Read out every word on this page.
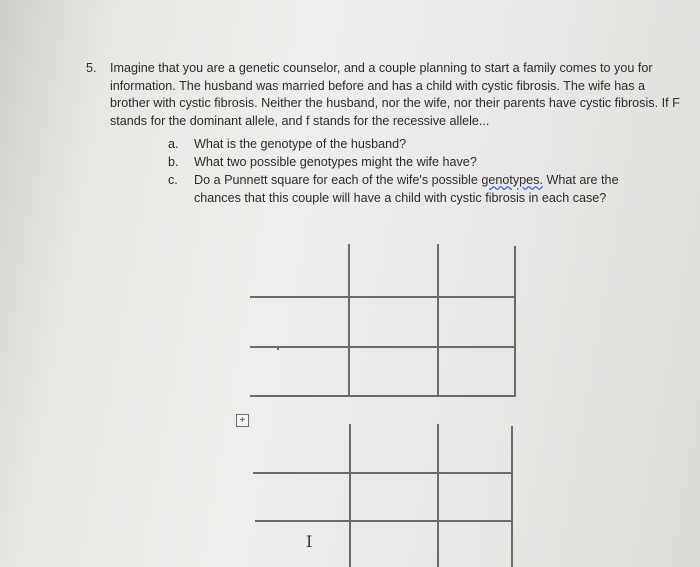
5. Imagine that you are a genetic counselor, and a couple planning to start a family comes to you for information. The husband was married before and has a child with cystic fibrosis. The wife has a brother with cystic fibrosis. Neither the husband, nor the wife, nor their parents have cystic fibrosis. If F stands for the dominant allele, and f stands for the recessive allele...
a. What is the genotype of the husband?
b. What two possible genotypes might the wife have?
c. Do a Punnett square for each of the wife's possible genotypes. What are the chances that this couple will have a child with cystic fibrosis in each case?
+
I
